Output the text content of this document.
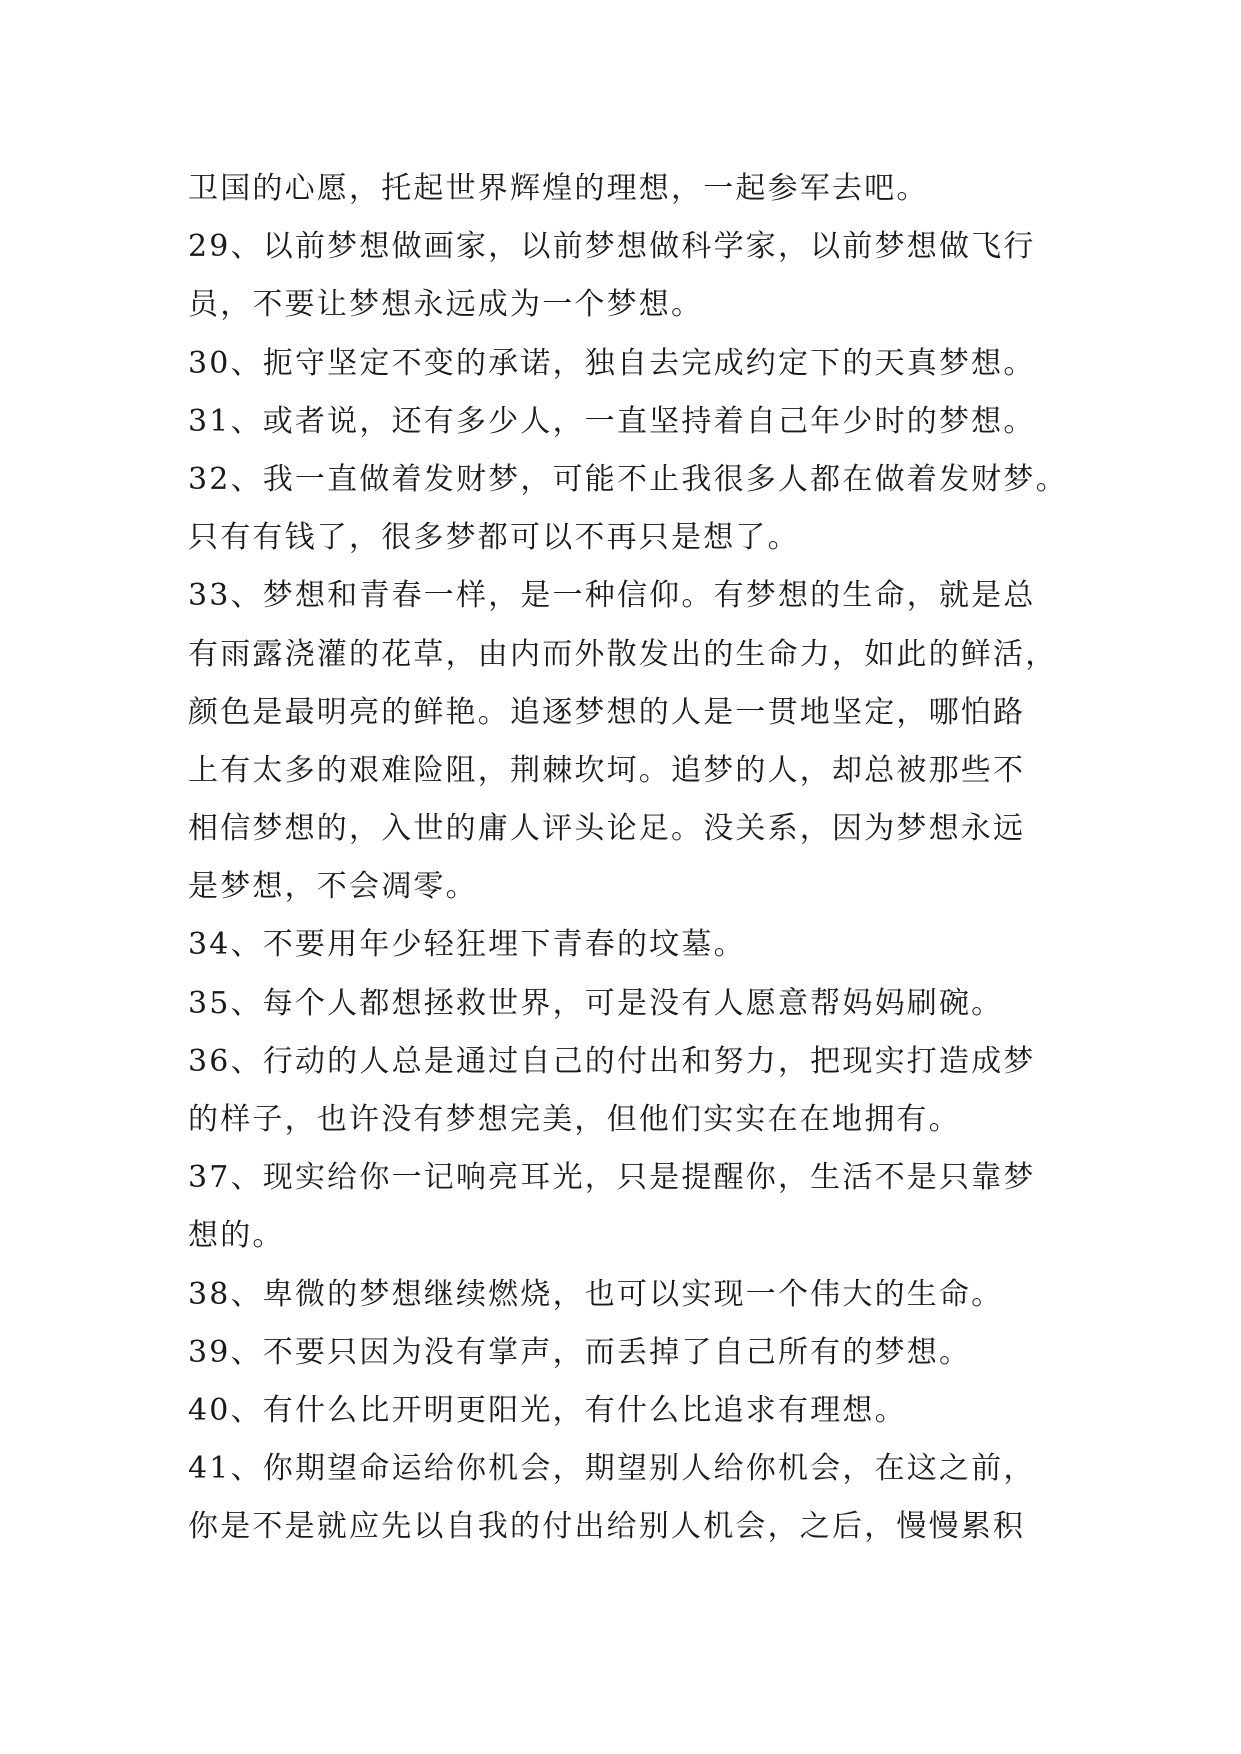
卫国的心愿，托起世界辉煌的理想，一起参军去吧。
29、以前梦想做画家，以前梦想做科学家，以前梦想做飞行
员，不要让梦想永远成为一个梦想。
30、扼守坚定不变的承诺，独自去完成约定下的天真梦想。
31、或者说，还有多少人，一直坚持着自己年少时的梦想。
32、我一直做着发财梦，可能不止我很多人都在做着发财梦。
只有有钱了，很多梦都可以不再只是想了。
33、梦想和青春一样，是一种信仰。有梦想的生命，就是总
有雨露浇灌的花草，由内而外散发出的生命力，如此的鲜活，
颜色是最明亮的鲜艳。追逐梦想的人是一贯地坚定，哪怕路
上有太多的艰难险阻，荆棘坎坷。追梦的人，却总被那些不
相信梦想的，入世的庸人评头论足。没关系，因为梦想永远
是梦想，不会凋零。
34、不要用年少轻狂埋下青春的坟墓。
35、每个人都想拯救世界，可是没有人愿意帮妈妈刷碗。
36、行动的人总是通过自己的付出和努力，把现实打造成梦
的样子，也许没有梦想完美，但他们实实在在地拥有。
37、现实给你一记响亮耳光，只是提醒你，生活不是只靠梦
想的。
38、卑微的梦想继续燃烧，也可以实现一个伟大的生命。
39、不要只因为没有掌声，而丢掉了自己所有的梦想。
40、有什么比开明更阳光，有什么比追求有理想。
41、你期望命运给你机会，期望别人给你机会，在这之前，
你是不是就应先以自我的付出给别人机会，之后，慢慢累积
